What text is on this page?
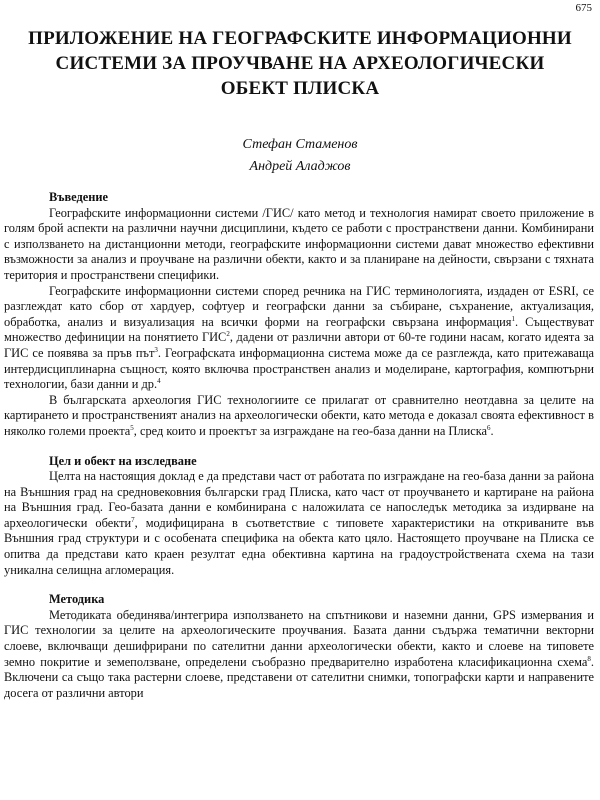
675
ПРИЛОЖЕНИЕ НА ГЕОГРАФСКИТЕ ИНФОРМАЦИОННИ
СИСТЕМИ ЗА ПРОУЧВАНЕ НА АРХЕОЛОГИЧЕСКИ
ОБЕКТ ПЛИСКА
Стефан Стаменов
Андрей Аладжов
Въведение

Географските информационни системи /ГИС/ като метод и технология намират своето приложение в голям брой аспекти на различни научни дисциплини, където се работи с пространствени данни. Комбинирани с използването на дистанционни методи, географските информационни системи дават множество ефективни възможности за анализ и проучване на различни обекти, както и за планиране на дейности, свързани с тяхната територия и пространствени специфики.

Географските информационни системи според речника на ГИС терминологията, издаден от ESRI, се разглеждат като сбор от хардуер, софтуер и географски данни за събиране, съхранение, актуализация, обработка, анализ и визуализация на всички форми на географски свързана информация$^1$. Съществуват множество дефиниции на понятието ГИС$^2$, дадени от различни автори от 60-те години насам, когато идеята за ГИС се появява за пръв път$^3$. Географската информационна система може да се разглежда, като притежаваща интердисциплинарна същност, която включва пространствен анализ и моделиране, картография, компютърни технологии, бази данни и др.$^4$

В българската археология ГИС технологиите се прилагат от сравнително неотдавна за целите на картирането и пространственият анализ на археологически обекти, като метода е доказал своята ефективност в няколко големи проекта$^5$, сред които и проектът за изграждане на гео-база данни на Плиска$^6$.

Цел и обект на изследване

Целта на настоящия доклад е да представи част от работата по изграждане на гео-база данни за района на Външния град на средновековния български град Плиска, като част от проучването и картиране на района на Външния град. Гео-базата данни е комбинирана с наложилата се напоследък методика за издирване на археологически обекти$^7$, модифицирана в съответствие с типовете характеристики на откриваните във Външния град структури и с особената специфика на обекта като цяло. Настоящето проучване на Плиска се опитва да представи като краен резултат една обективна картина на градоустройствената схема на тази уникална селищна агломерация.

Методика

Методиката обединява/интегрира използването на спътникови и наземни данни, GPS измервания и ГИС технологии за целите на археологическите проучвания. Базата данни съдържа тематични векторни слоеве, включващи дешифрирани по сателитни данни археологически обекти, както и слоеве на типовете земно покритие и земеползване, определени съобразно предварително изработена класификационна схема$^8$. Включени са също така растерни слоеве, представени от сателитни снимки, топографски карти и направените досега от различни автори
